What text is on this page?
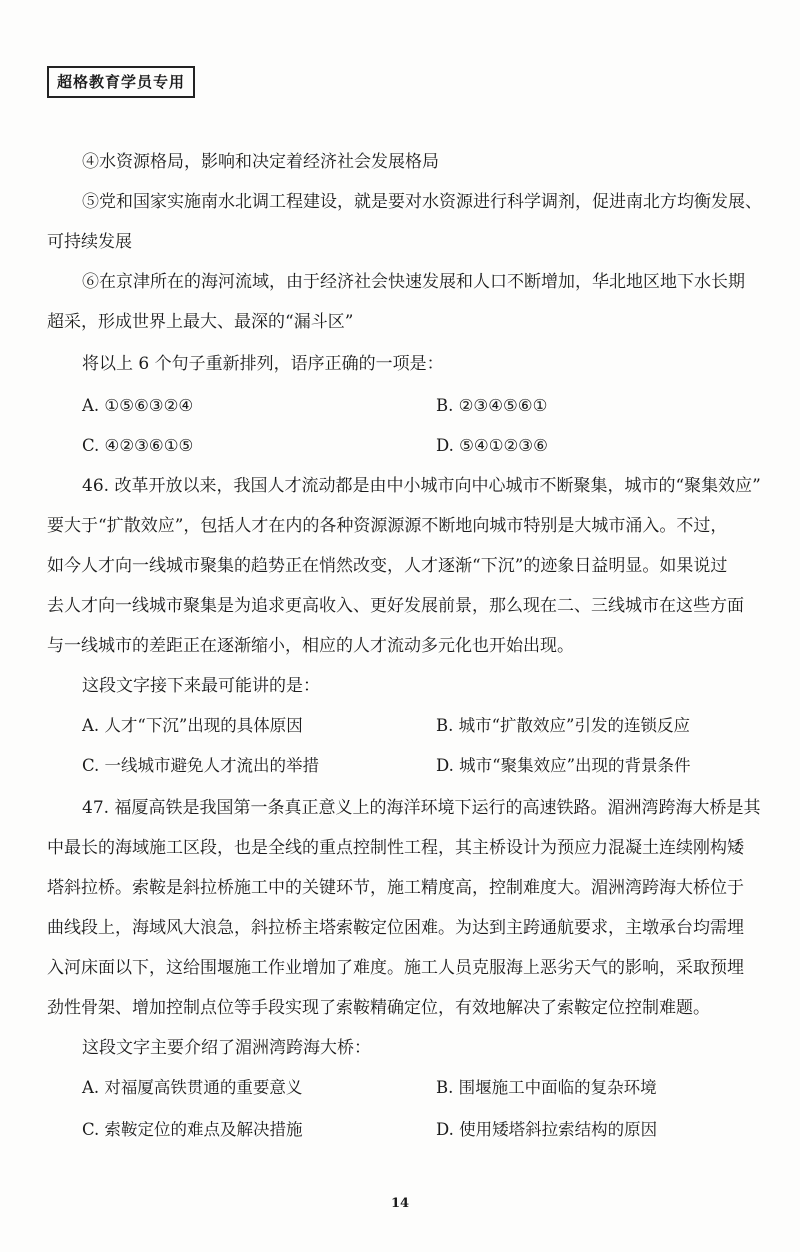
超格教育学员专用
④水资源格局，影响和决定着经济社会发展格局
⑤党和国家实施南水北调工程建设，就是要对水资源进行科学调剂，促进南北方均衡发展、
可持续发展
⑥在京津所在的海河流域，由于经济社会快速发展和人口不断增加，华北地区地下水长期
超采，形成世界上最大、最深的“漏斗区”
将以上 6 个句子重新排列，语序正确的一项是：
A. ①⑤⑥③②④	B. ②③④⑤⑥①
C. ④②③⑥①⑤	D. ⑤④①②③⑥
46. 改革开放以来，我国人才流动都是由中小城市向中心城市不断聚集，城市的“聚集效应”
要大于“扩散效应”，包括人才在内的各种资源源源不断地向城市特别是大城市涌入。不过，
如今人才向一线城市聚集的趋势正在悄然改变，人才逐渐“下沉”的迹象日益明显。如果说过
去人才向一线城市聚集是为追求更高收入、更好发展前景，那么现在二、三线城市在这些方面
与一线城市的差距正在逐渐缩小，相应的人才流动多元化也开始出现。
这段文字接下来最可能讲的是：
A. 人才“下沉”出现的具体原因	B. 城市“扩散效应”引发的连锁反应
C. 一线城市避免人才流出的举措	D. 城市“聚集效应”出现的背景条件
47. 福厦高铁是我国第一条真正意义上的海洋环境下运行的高速铁路。湄洲湾跨海大桥是其
中最长的海域施工区段，也是全线的重点控制性工程，其主桥设计为预应力混凝土连续刚构矮
塔斜拉桥。索鞍是斜拉桥施工中的关键环节，施工精度高，控制难度大。湄洲湾跨海大桥位于
曲线段上，海域风大浪急，斜拉桥主塔索鞍定位困难。为达到主跨通航要求，主墩承台均需埋
入河床面以下，这给围堰施工作业增加了难度。施工人员克服海上恶劣天气的影响，采取预埋
劲性骨架、增加控制点位等手段实现了索鞍精确定位，有效地解决了索鞍定位控制难题。
这段文字主要介绍了湄洲湾跨海大桥：
A. 对福厦高铁贯通的重要意义	B. 围堰施工中面临的复杂环境
C. 索鞍定位的难点及解决措施	D. 使用矮塔斜拉索结构的原因
14
